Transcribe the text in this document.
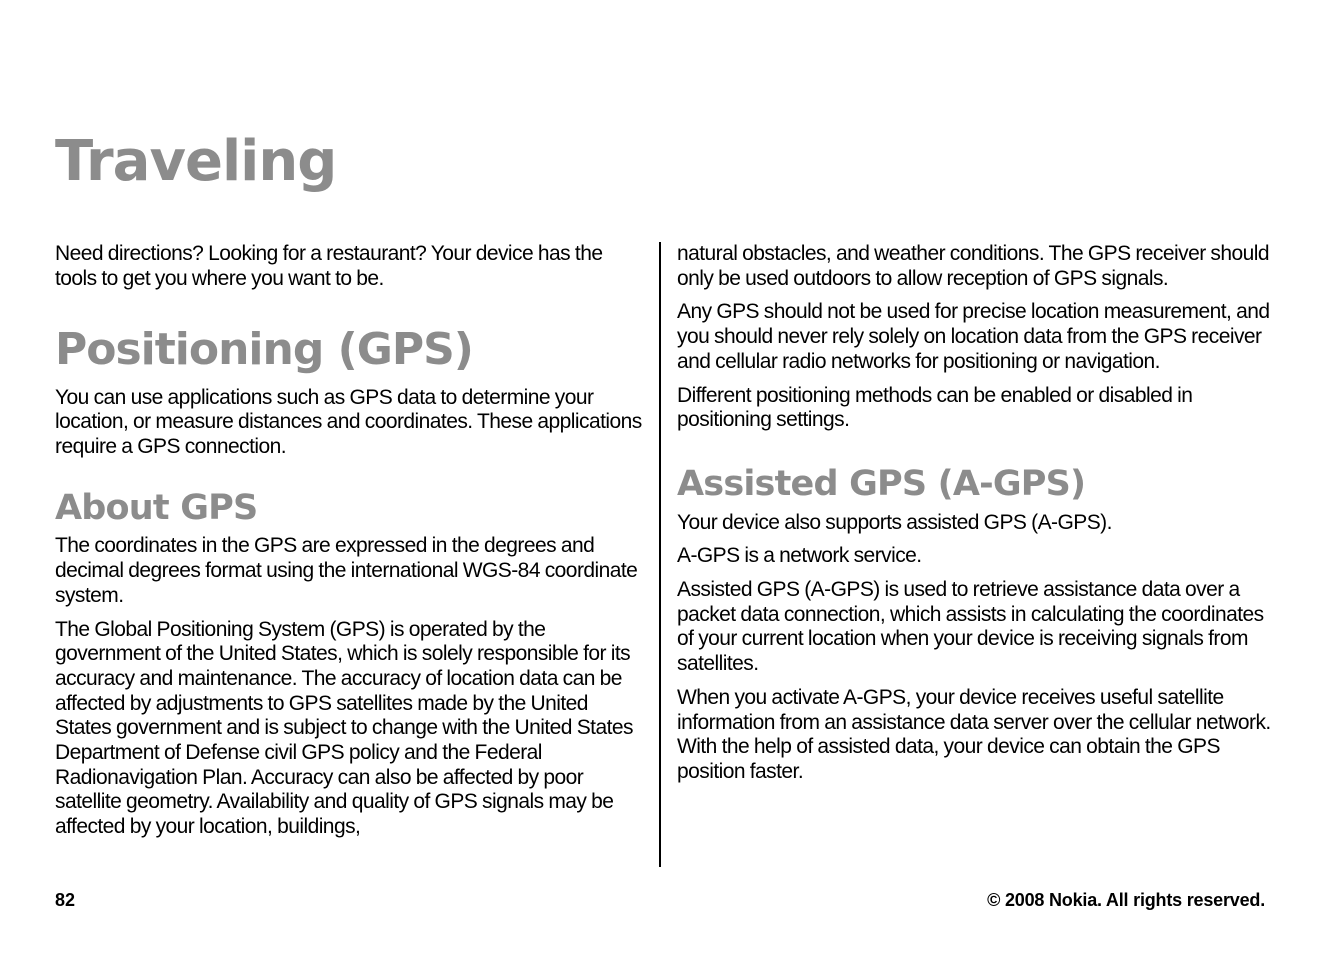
Traveling

Need directions? Looking for a restaurant? Your device has the tools to get you where you want to be.

Positioning (GPS)

You can use applications such as GPS data to determine your location, or measure distances and coordinates. These applications require a GPS connection.

About GPS

The coordinates in the GPS are expressed in the degrees and decimal degrees format using the international WGS-84 coordinate system.

The Global Positioning System (GPS) is operated by the government of the United States, which is solely responsible for its accuracy and maintenance. The accuracy of location data can be affected by adjustments to GPS satellites made by the United States government and is subject to change with the United States Department of Defense civil GPS policy and the Federal Radionavigation Plan. Accuracy can also be affected by poor satellite geometry. Availability and quality of GPS signals may be affected by your location, buildings,

natural obstacles, and weather conditions. The GPS receiver should only be used outdoors to allow reception of GPS signals.

Any GPS should not be used for precise location measurement, and you should never rely solely on location data from the GPS receiver and cellular radio networks for positioning or navigation.

Different positioning methods can be enabled or disabled in positioning settings.

Assisted GPS (A-GPS)

Your device also supports assisted GPS (A-GPS).

A-GPS is a network service.

Assisted GPS (A-GPS) is used to retrieve assistance data over a packet data connection, which assists in calculating the coordinates of your current location when your device is receiving signals from satellites.

When you activate A-GPS, your device receives useful satellite information from an assistance data server over the cellular network. With the help of assisted data, your device can obtain the GPS position faster.

82	© 2008 Nokia. All rights reserved.
